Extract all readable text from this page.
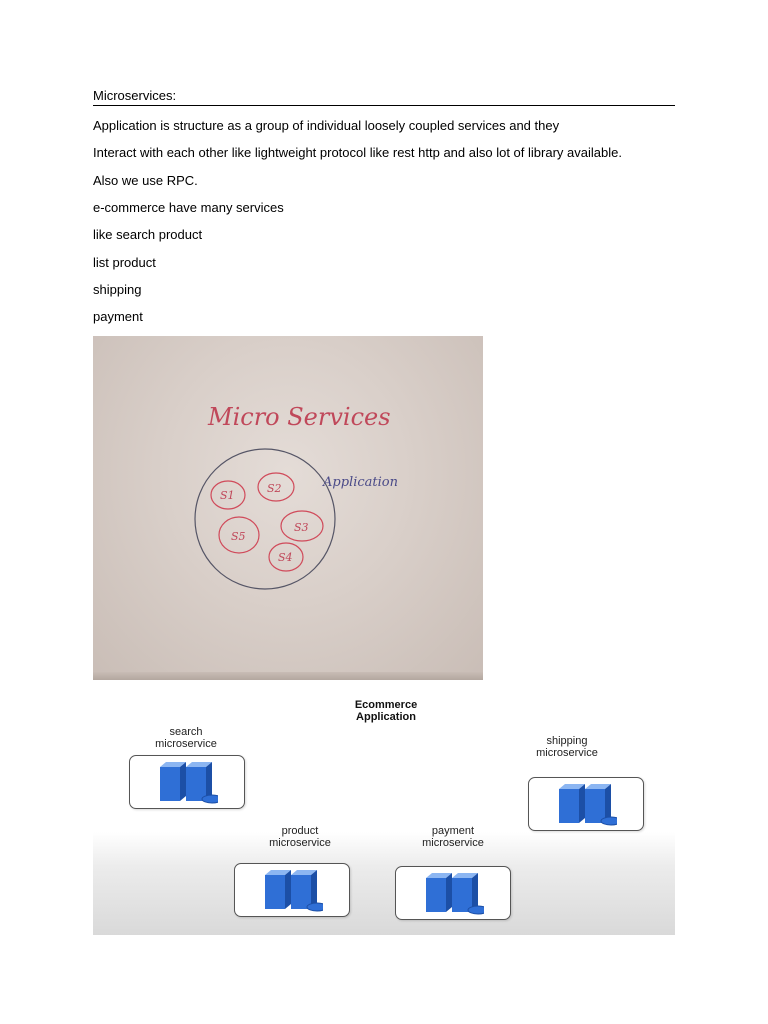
Microservices:
Application is structure as a group of individual loosely coupled services and they
Interact with each other like lightweight protocol like rest http and also lot of library available.
Also we use RPC.
e-commerce have many services
like search product
list product
shipping
payment
Micro Services
Application
S1
S2
S3
S4
S5
Ecommerce
Application
search
microservice	shipping
microservice
product
microservice
payment
microservice
